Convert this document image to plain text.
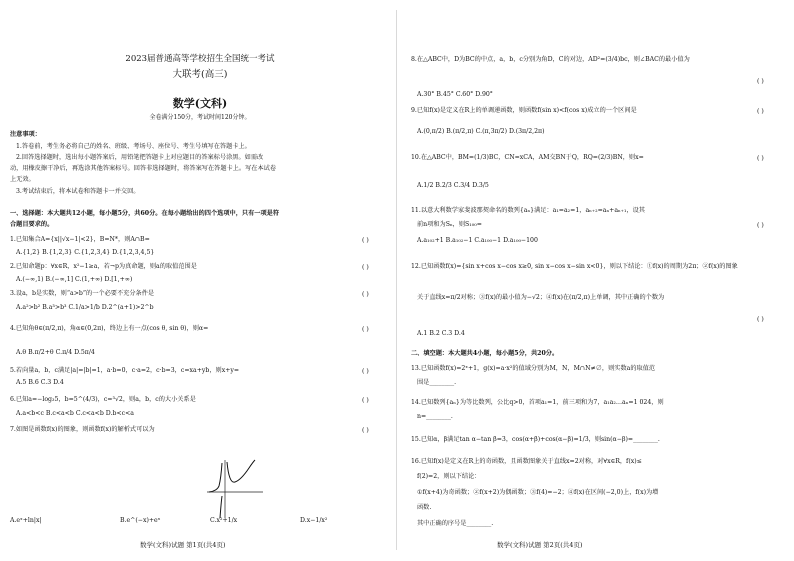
2023届普通高等学校招生全国统一考试
大联考(高三)
数学(文科)
全卷满分150分，考试时间120分钟。
注意事项：
1.答卷前，考生务必将自己的姓名、班级、考场号、座位号、考生号填写在答题卡上。
2.回答选择题时，选出每小题答案后，用铅笔把答题卡上对应题目的答案标号涂黑。如需改
动，用橡皮擦干净后，再选涂其他答案标号。回答非选择题时，将答案写在答题卡上。写在本试卷
上无效。
3.考试结束后，将本试卷和答题卡一并交回。
一、选择题：本大题共12小题，每小题5分，共60分。在每小题给出的四个选项中，只有一项是符
合题目要求的。
1.已知集合A={x||√x−1|<2}，B=N*，则A∩B=	( )
A.{1,2} B.{1,2,3} C.{1,2,3,4} D.{1,2,3,4,5}
2.已知命题p：∀x∈R，x²−1≥a，若¬p为真命题，则a的取值范围是	( )
A.(−∞,1) B.(−∞,1] C.(1,+∞) D.[1,+∞)
3.设a，b是实数，则“a>b”的一个必要不充分条件是	( )
A.a²>b² B.a³>b³ C.1/a>1/b D.2^(a+1)>2^b
4.已知角θ∈(π/2,π)，角α∈(0,2π)，终边上有一点(cos θ, sin θ)，则α=	( )
A.θ B.π/2+θ C.π/4 D.5π/4
5.若向量a，b，c满足|a|=|b|=1，a·b=0，c·a=2，c·b=3，c=xa+yb，则x+y=	( )
A.5 B.6 C.3 D.4
6.已知a=−log₃5，b=5^(4/3)，c=³√2，则a，b，c的大小关系是	( )
A.a<b<c B.c<a<b C.c<a<b D.b<c<a
7.如图是函数f(x)的图象，则函数f(x)的解析式可以为	( )
A.eˣ+ln|x|	B.e^(−x)+eˣ	C.x²+1/x	D.x−1/x²
数学(文科)试题 第1页(共4页)
8.在△ABC中，D为BC的中点，a，b，c分别为角D，C的对边，AD²=(3/4)bc，则∠BAC的最小值为
( )
A.30° B.45° C.60° D.90°
9.已知f(x)是定义在R上的单调递函数，则函数f(sin x)<f(cos x)成立的一个区间是	( )
A.(0,π/2) B.(π/2,π) C.(π,3π/2) D.(3π/2,2π)
10.在△ABC中，BM=(1/3)BC，CN=xCA，AM交BN于Q，RQ=(2/3)BN，则x=	( )
A.1/2 B.2/3 C.3/4 D.3/5
11.以意大利数学家斐波那契命名的数列{aₙ}满足：a₁=a₂=1，aₙ₊₂=aₙ+aₙ₊₁，设其
前n项和为Sₙ，则S₁₀₀=	( )
A.a₁₀₂+1 B.a₁₀₂−1 C.a₁₀₀−1 D.a₁₀₀−100
12.已知函数f(x)={sin x+cos x−cos x≥0, sin x−cos x−sin x<0}，则以下结论：①f(x)的周期为2π；②f(x)的图象
关于直线x=π/2对称；③f(x)的最小值为−√2；④f(x)在(π/2,π)上单调，其中正确的个数为
( )
A.1 B.2 C.3 D.4
二、填空题：本大题共4小题，每小题5分，共20分。
13.已知函数f(x)=2ˣ+1，g(x)=a·x²的值域分别为M，N，M∩N≠∅，则实数a的取值范
围是________.
14.已知数列{aₙ}为等比数列，公比q>0，首项a₁=1，前三项和为7，a₁a₂…aₙ=1 024，则
n=________.
15.已知α，β满足tan α−tan β=3，cos(α+β)+cos(α−β)=1/3，则sin(α−β)=________.
16.已知f(x)是定义在R上的奇函数，且函数图象关于直线x=2对称，对∀x∈R，f(x)≤
f(2)=2，则以下结论：
①f(x+4)为奇函数；②f(x+2)为偶函数；③f(4)=−2；④f(x)在区间(−2,0)上，f(x)为增
函数.
其中正确的序号是________.
数学(文科)试题 第2页(共4页)
